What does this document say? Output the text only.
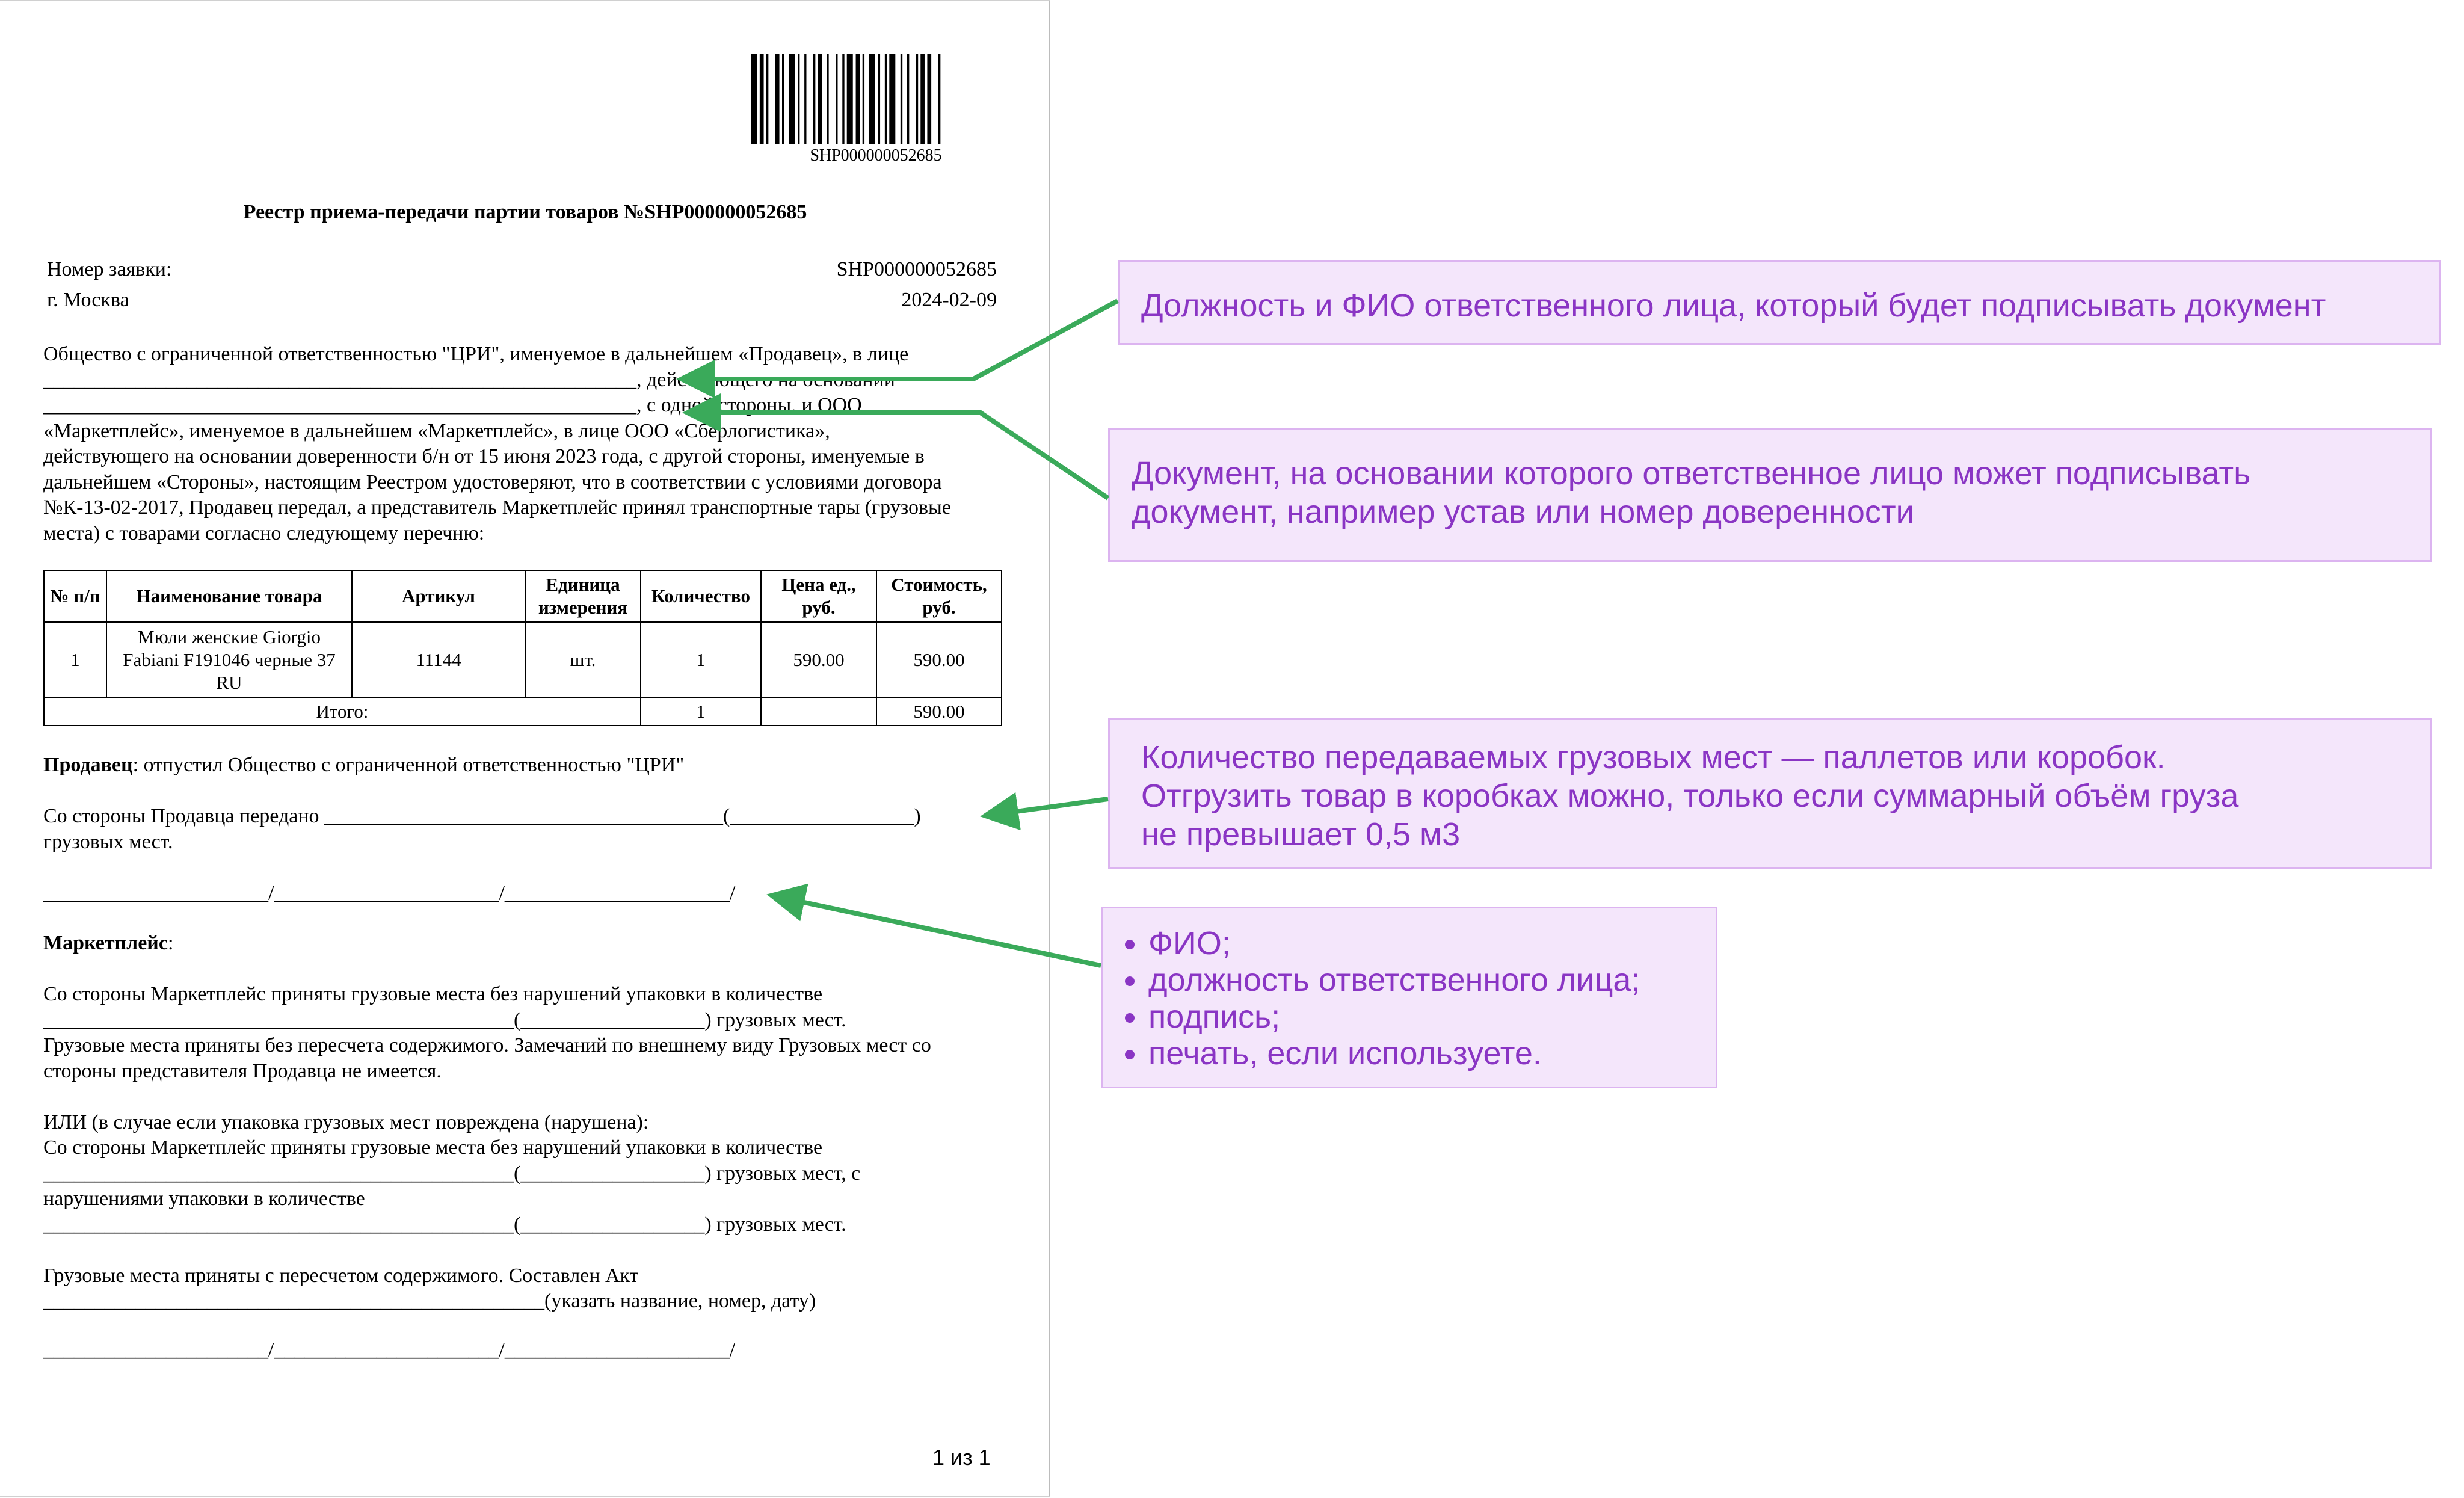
SHP000000052685
Реестр приема-передачи партии товаров №SHP000000052685
Номер заявки:	SHP000000052685
г. Москва	2024-02-09

Общество с ограниченной ответственностью "ЦРИ", именуемое в дальнейшем «Продавец», в лице

__________________________________________________________, действующего на основании

__________________________________________________________, с одной стороны, и ООО

«Маркетплейс», именуемое в дальнейшем «Маркетплейс», в лице ООО «Сберлогистика»,

действующего на основании доверенности б/н от 15 июня 2023 года, с другой стороны, именуемые в

дальнейшем «Стороны», настоящим Реестром удостоверяют, что в соответствии с условиями договора

№К-13-02-2017, Продавец передал, а представитель Маркетплейс принял транспортные тары (грузовые

места) с товарами согласно следующему перечню:

№ п/п	Наименование товара	Артикул	Единица измерения	Количество	Цена ед., руб.	Стоимость, руб.
1	Мюли женские Giorgio Fabiani F191046 черные 37 RU	11144	шт.	1	590.00	590.00
Итого:				1		590.00

Продавец: отпустил Общество с ограниченной ответственностью "ЦРИ"

Со стороны Продавца передано _______________________________________(__________________)

грузовых мест.

______________________/______________________/______________________/

Маркетплейс:

Со стороны Маркетплейс приняты грузовые места без нарушений упаковки в количестве

______________________________________________(__________________) грузовых мест.

Грузовые места приняты без пересчета содержимого. Замечаний по внешнему виду Грузовых мест со

стороны представителя Продавца не имеется.

ИЛИ (в случае если упаковка грузовых мест повреждена (нарушена):

Со стороны Маркетплейс приняты грузовые места без нарушений упаковки в количестве

______________________________________________(__________________) грузовых мест, с

нарушениями упаковки в количестве

______________________________________________(__________________) грузовых мест.

Грузовые места приняты с пересчетом содержимого. Составлен Акт

_________________________________________________(указать название, номер, дату)

______________________/______________________/______________________/

1 из 1

Должность и ФИО ответственного лица, который будет подписывать документ

Документ, на основании которого ответственное лицо может подписывать

документ, например устав или номер доверенности

Количество передаваемых грузовых мест — паллетов или коробок.

Отгрузить товар в коробках можно, только если суммарный объём груза

не превышает 0,5 м3

• ФИО;
• должность ответственного лица;
• подпись;
• печать, если используете.
